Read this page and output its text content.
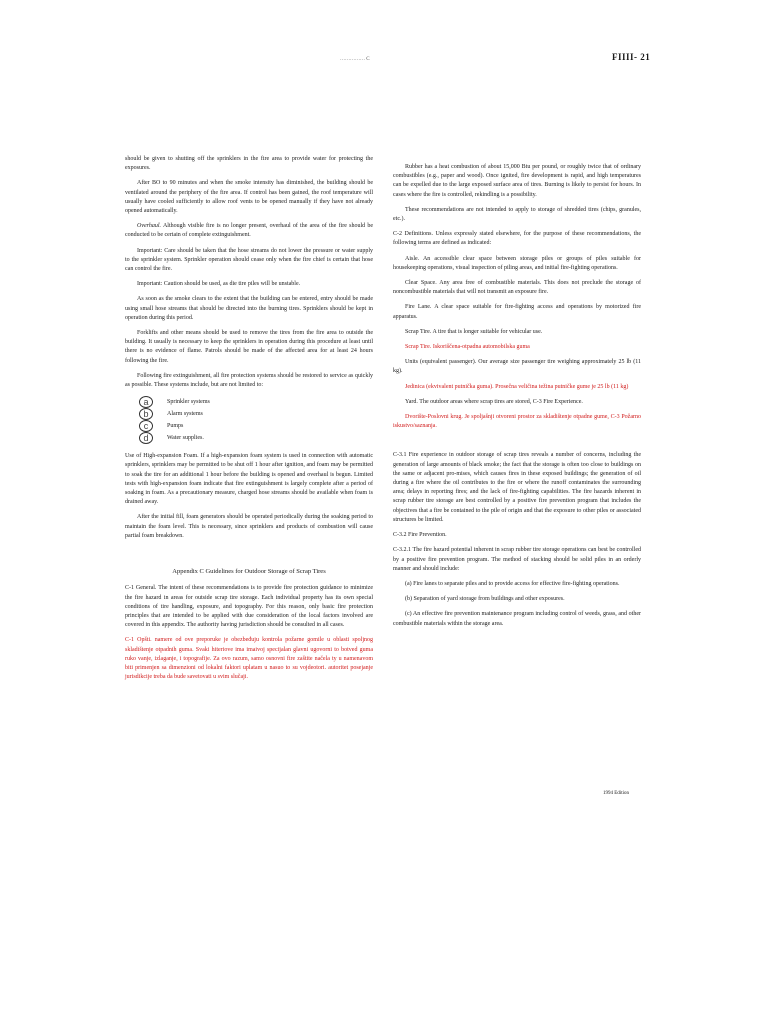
…………… C	FIIII- 21

should be given to shutting off the sprinklers in the fire area to provide water for protecting the exposures.

After BO to 90 minutes and when the smoke intensity has diminished, the building should be ventilated around the periphery of the fire area. If control has been gained, the roof temperature will usually have cooled sufficiently to allow roof vents to be opened manually if they have not already opened automatically.

Overhaul. Although visible fire is no longer present, overhaul of the area of the fire should be conducted to be certain of complete extinguishment.

Important: Care should be taken that the hose streams do not lower the pressure or water supply to the sprinkler system. Sprinkler operation should cease only when the fire chief is certain that hose can control the fire.

Important: Caution should be used, as die tire piles will be unstable.

As soon as the smoke clears to the extent that the building can be entered, entry should be made using small hose streams that should be directed into the burning tires. Sprinklers should be kept in operation during this period.

Forklifts and other means should be used to remove the tires from the fire area to outside the building. It usually is necessary to keep the sprinklers in operation during this procedure at least until there is no evidence of flame. Patrols should be made of the affected area for at least 24 hours following the fire.

Following fire extinguishment, all fire protection systems should be restored to service as quickly as possible. These systems include, but are not limited to:

a	Sprinkler systems
b	Alarm systems
c	Pumps
d	Water supplies.

Use of High-expansion Foam. If a high-expansion foam system is used in connection with automatic sprinklers, sprinklers may be permitted to be shut off 1 hour after ignition, and foam may be permitted to soak the tire for an additional 1 hour before the building is opened and overhaul is begun. Limited tests with high-expansion foam indicate that fire extinguishment is largely complete after a period of soaking in foam. As a precautionary measure, charged hose streams should be available when foam is drained away.

After the initial fill, foam generators should be operated periodically during the soaking period to maintain the foam level. This is necessary, since sprinklers and products of combustion will cause partial foam breakdown.

Appendix C Guidelines for Outdoor Storage of Scrap Tires

C-1 General. The intent of these recommendations is to provide fire protection guidance to minimize the fire hazard in areas for outside scrap tire storage. Each individual property has its own special conditions of tire handling, exposure, and topography. For this reason, only basic fire protection principles that are intended to be applied with due consideration of the local factors involved are covered in this appendix. The authority having jurisdiction should be consulted in all cases.

C-1 Opšti. namere od ove preporuke je obezbeđuju kontrola požarne gomile u oblasti spoljnog skladištenje otpadnih guma. Svaki hiteriove ima imaivoj specijalan glavni ugovorni to botved guma ruko vanje, izlaganje, i topografije. Za ovo razum, samo osnovni fire zaštite načela ty u namenavom biti primenjen sa dimenzioni od lokalni faktori uplatam u nasuo to su vojdeotori. autoritet posejanje jurisdikcije treba da bude savetovati u svim slučaji.

Rubber has a heat combustion of about 15,000 Btu per pound, or roughly twice that of ordinary combustibles (e.g., paper and wood). Once ignited, fire development is rapid, and high temperatures can be expelled due to the large exposed surface area of tires. Burning is likely to persist for hours. In cases where the fire is controlled, rekindling is a possibility.

These recommendations are not intended to apply to storage of shredded tires (chips, granules, etc.).

C-2 Definitions. Unless expressly stated elsewhere, for the purpose of these recommendations, the following terms are defined as indicated:

Aisle. An accessible clear space between storage piles or groups of piles suitable for housekeeping operations, visual inspection of piling areas, and initial fire-fighting operations.

Clear Space. Any area free of combustible materials. This does not preclude the storage of noncombustible materials that will not transmit an exposure fire.

Fire Lane. A clear space suitable for fire-fighting access and operations by motorized fire apparatus.

Scrap Tire. A tire that is longer suitable for vehicular use.

Scrap Tire. Iskoriščena-otpadna automobilska guma

Units (equivalent passenger). Our average size passenger tire weighing approximately 25 lb (11 kg).

Jedinica (ekvivalent putnička guma). Prosečna veličina težina putničke gume je 25 lb (11 kg)

Yard. The outdoor areas where scrap tires are stored, C-3 Fire Experience.

Dvorište-Poslovni krug. Je spoljašnji otvoreni prostor za skladištenje otpadne gume, C-3 Požarno iskustvo/saznanja.

C-3.1 Fire experience in outdoor storage of scrap tires reveals a number of concerns, including the generation of large amounts of black smoke; the fact that the storage is often too close to buildings on the same or adjacent pro-mises, which causes fires in these exposed buildings; the generation of oil during a fire where the oil contributes to the fire or where the runoff contaminates the surrounding area; delays in reporting fires; and the lack of fire-fighting capabilities. The fire hazards inherent in scrap rubber tire storage are best controlled by a positive fire prevention program that includes the objectives that a fire be contained to the pile of origin and that the exposure to other piles or associated structures be limited.

C-3.2 Fire Prevention.

C-3.2.1 The fire hazard potential inherent in scrap rubber tire storage operations can best be controlled by a positive fire prevention program. The method of stacking should be solid piles in an orderly manner and should include:

(a) Fire lanes to separate piles and to provide access for effective fire-fighting operations.

(b) Separation of yard storage from buildings and other exposures.

(c) An effective fire prevention maintenance program including control of weeds, grass, and other combustible materials within the storage area.

1994 Edition
